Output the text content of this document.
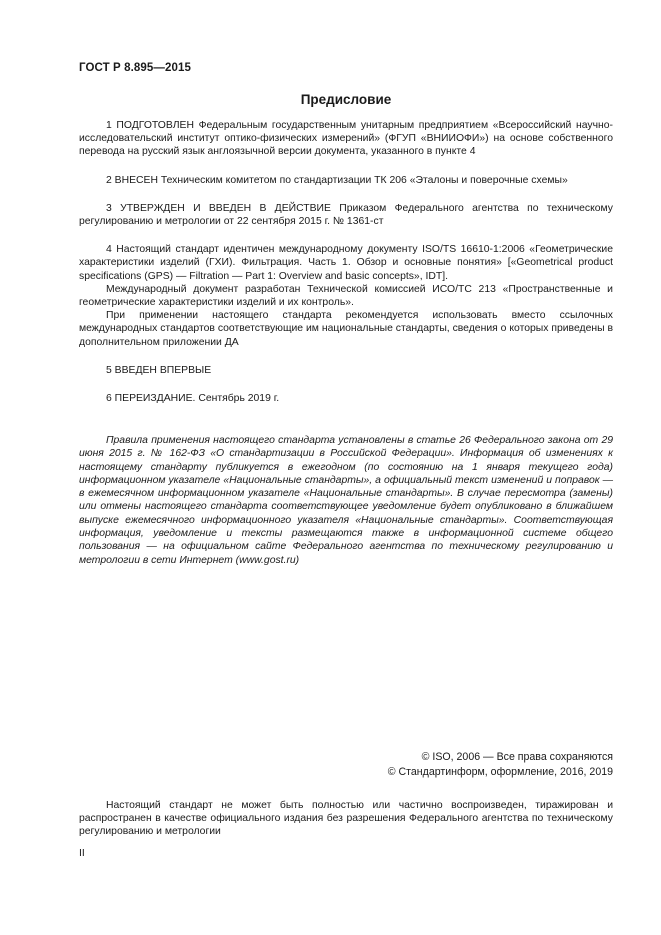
ГОСТ Р 8.895—2015
Предисловие

1 ПОДГОТОВЛЕН Федеральным государственным унитарным предприятием «Всероссийский научно-исследовательский институт оптико-физических измерений» (ФГУП «ВНИИОФИ») на основе собственного перевода на русский язык англоязычной версии документа, указанного в пункте 4

2 ВНЕСЕН Техническим комитетом по стандартизации ТК 206 «Эталоны и поверочные схемы»

3 УТВЕРЖДЕН И ВВЕДЕН В ДЕЙСТВИЕ Приказом Федерального агентства по техническому регулированию и метрологии от 22 сентября 2015 г. № 1361-ст

4 Настоящий стандарт идентичен международному документу ISO/TS 16610-1:2006 «Геометрические характеристики изделий (ГХИ). Фильтрация. Часть 1. Обзор и основные понятия» [«Geometrical product specifications (GPS) — Filtration — Part 1: Overview and basic concepts», IDT].

Международный документ разработан Технической комиссией ИСО/ТС 213 «Пространственные и геометрические характеристики изделий и их контроль».

При применении настоящего стандарта рекомендуется использовать вместо ссылочных международных стандартов соответствующие им национальные стандарты, сведения о которых приведены в дополнительном приложении ДА

5 ВВЕДЕН ВПЕРВЫЕ

6 ПЕРЕИЗДАНИЕ. Сентябрь 2019 г.

Правила применения настоящего стандарта установлены в статье 26 Федерального закона от 29 июня 2015 г. № 162-ФЗ «О стандартизации в Российской Федерации». Информация об изменениях к настоящему стандарту публикуется в ежегодном (по состоянию на 1 января текущего года) информационном указателе «Национальные стандарты», а официальный текст изменений и поправок — в ежемесячном информационном указателе «Национальные стандарты». В случае пересмотра (замены) или отмены настоящего стандарта соответствующее уведомление будет опубликовано в ближайшем выпуске ежемесячного информационного указателя «Национальные стандарты». Соответствующая информация, уведомление и тексты размещаются также в информационной системе общего пользования — на официальном сайте Федерального агентства по техническому регулированию и метрологии в сети Интернет (www.gost.ru)
© ISO, 2006 — Все права сохраняются
© Стандартинформ, оформление, 2016, 2019
Настоящий стандарт не может быть полностью или частично воспроизведен, тиражирован и распространен в качестве официального издания без разрешения Федерального агентства по техническому регулированию и метрологии
II
